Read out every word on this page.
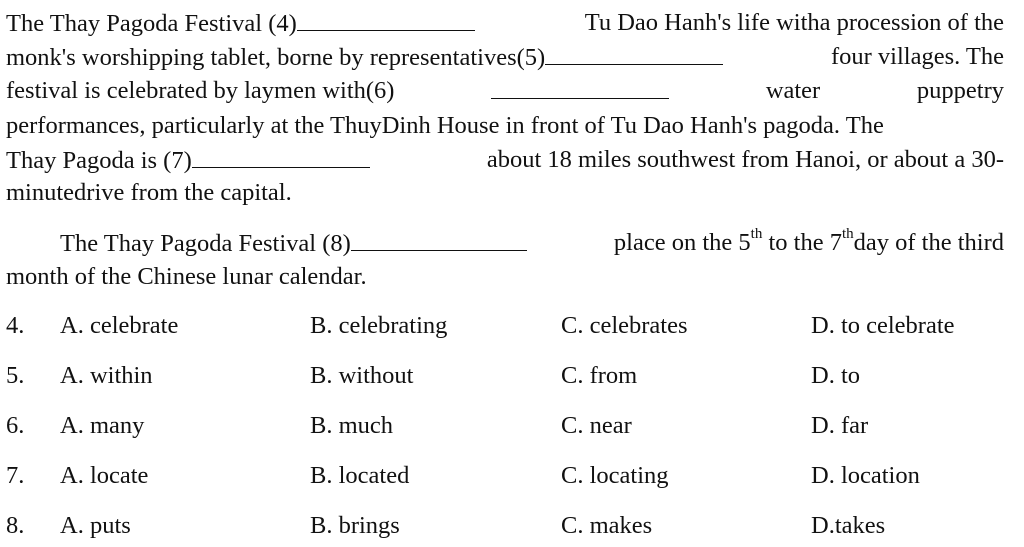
The Thay Pagoda Festival (4)	Tu Dao Hanh's life witha procession of the
monk's worshipping tablet, borne by representatives(5)	four villages. The
festival is celebrated by laymen with(6)	water	puppetry
performances, particularly at the ThuyDinh House in front of Tu Dao Hanh's pagoda. The
Thay Pagoda is (7)	about 18 miles southwest from Hanoi, or about a 30-
minutedrive from the capital.
The Thay Pagoda Festival (8)	place on the 5th to the 7thday of the third
month of the Chinese lunar calendar.
4. A. celebrate	B. celebrating	C. celebrates	D. to celebrate
5. A. within	B. without	C. from	D. to
6. A. many	B. much	C. near	D. far
7. A. locate	B. located	C. locating	D. location
8. A. puts	B. brings	C. makes	D.takes
